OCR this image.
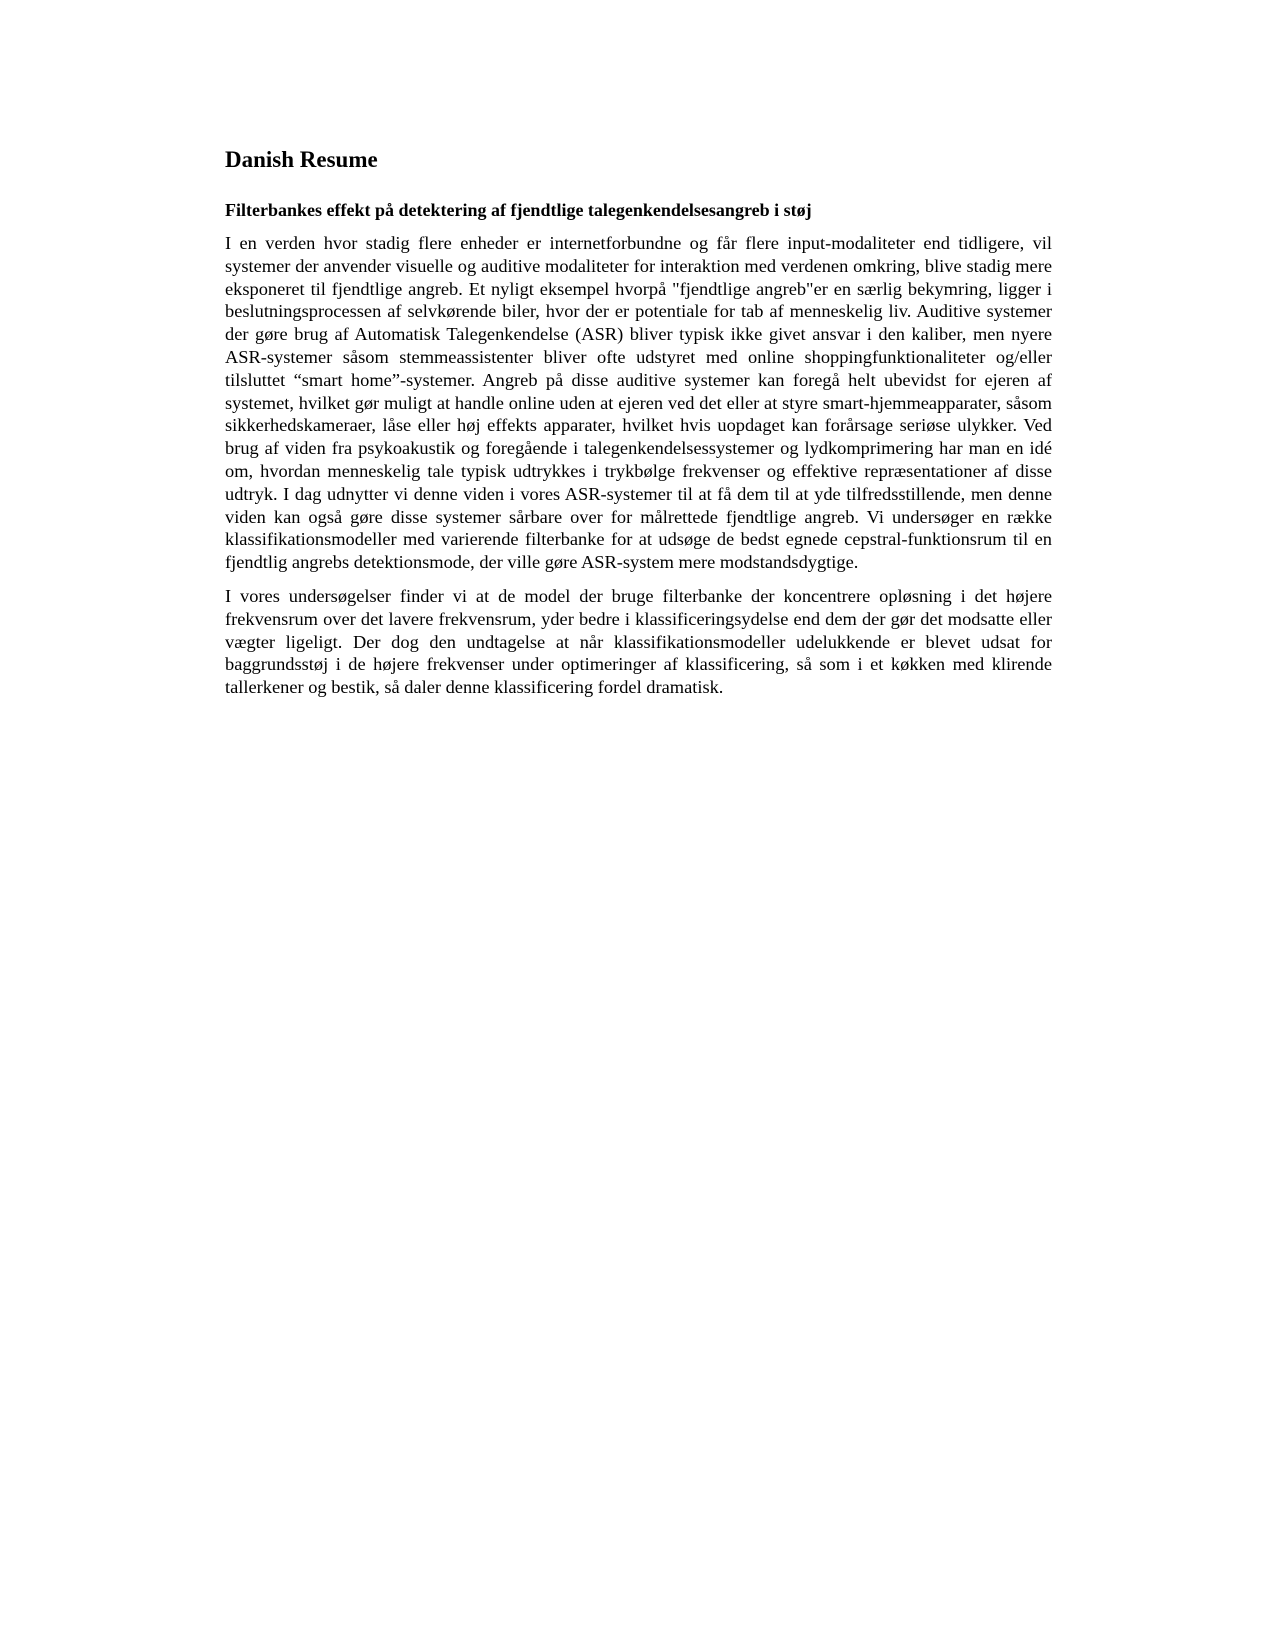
Danish Resume
Filterbankes effekt på detektering af fjendtlige talegenkendelsesangreb i støj

I en verden hvor stadig flere enheder er internetforbundne og får flere input-modaliteter end tidligere, vil systemer der anvender visuelle og auditive modaliteter for interaktion med verdenen omkring, blive stadig mere eksponeret til fjendtlige angreb. Et nyligt eksempel hvorpå "fjendtlige angreb"er en særlig bekymring, ligger i beslutningsprocessen af selvkørende biler, hvor der er potentiale for tab af menneskelig liv. Auditive systemer der gøre brug af Automatisk Talegenkendelse (ASR) bliver typisk ikke givet ansvar i den kaliber, men nyere ASR-systemer såsom stemmeassistenter bliver ofte udstyret med online shoppingfunktionaliteter og/eller tilsluttet “smart home”-systemer. Angreb på disse auditive systemer kan foregå helt ubevidst for ejeren af systemet, hvilket gør muligt at handle online uden at ejeren ved det eller at styre smart-hjemmeapparater, såsom sikkerhedskameraer, låse eller høj effekts apparater, hvilket hvis uopdaget kan forårsage seriøse ulykker. Ved brug af viden fra psykoakustik og foregående i talegenkendelsessystemer og lydkomprimering har man en idé om, hvordan menneskelig tale typisk udtrykkes i trykbølge frekvenser og effektive repræsentationer af disse udtryk. I dag udnytter vi denne viden i vores ASR-systemer til at få dem til at yde tilfredsstillende, men denne viden kan også gøre disse systemer sårbare over for målrettede fjendtlige angreb. Vi undersøger en række klassifikationsmodeller med varierende filterbanke for at udsøge de bedst egnede cepstral-funktionsrum til en fjendtlig angrebs detektionsmode, der ville gøre ASR-system mere modstandsdygtige.

I vores undersøgelser finder vi at de model der bruge filterbanke der koncentrere opløsning i det højere frekvensrum over det lavere frekvensrum, yder bedre i klassificeringsydelse end dem der gør det modsatte eller vægter ligeligt. Der dog den undtagelse at når klassifikationsmodeller udelukkende er blevet udsat for baggrundsstøj i de højere frekvenser under optimeringer af klassificering, så som i et køkken med klirende tallerkener og bestik, så daler denne klassificering fordel dramatisk.
